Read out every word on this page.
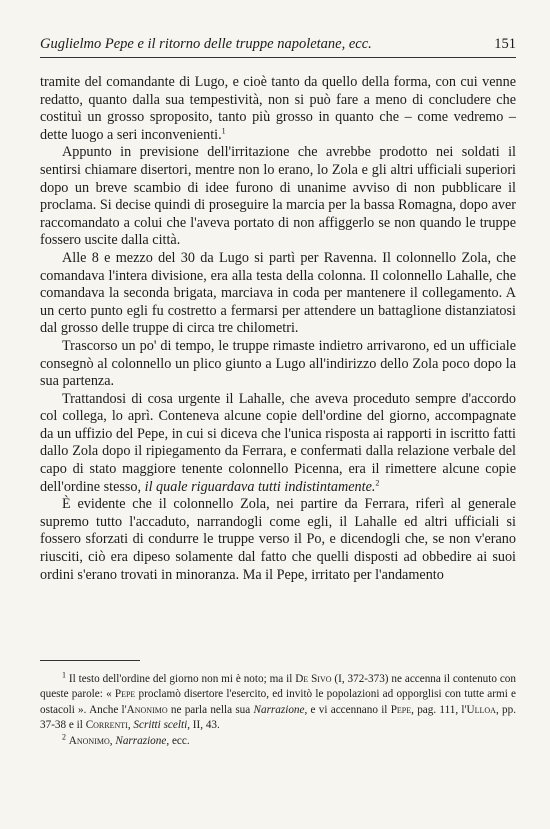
Guglielmo Pepe e il ritorno delle truppe napoletane, ecc.	151

tramite del comandante di Lugo, e cioè tanto da quello della forma, con cui venne redatto, quanto dalla sua tempestività, non si può fare a meno di concludere che costituì un grosso sproposito, tanto più grosso in quanto che – come vedremo – dette luogo a seri inconvenienti.$^1$

Appunto in previsione dell'irritazione che avrebbe prodotto nei soldati il sentirsi chiamare disertori, mentre non lo erano, lo Zola e gli altri ufficiali superiori dopo un breve scambio di idee furono di unanime avviso di non pubblicare il proclama. Si decise quindi di proseguire la marcia per la bassa Romagna, dopo aver raccomandato a colui che l'aveva portato di non affiggerlo se non quando le truppe fossero uscite dalla città.

Alle 8 e mezzo del 30 da Lugo si partì per Ravenna. Il colonnello Zola, che comandava l'intera divisione, era alla testa della colonna. Il colonnello Lahalle, che comandava la seconda brigata, marciava in coda per mantenere il collegamento. A un certo punto egli fu costretto a fermarsi per attendere un battaglione distanziatosi dal grosso delle truppe di circa tre chilometri.

Trascorso un po' di tempo, le truppe rimaste indietro arrivarono, ed un ufficiale consegnò al colonnello un plico giunto a Lugo all'indirizzo dello Zola poco dopo la sua partenza.

Trattandosi di cosa urgente il Lahalle, che aveva proceduto sempre d'accordo col collega, lo aprì. Conteneva alcune copie dell'ordine del giorno, accompagnate da un uffizio del Pepe, in cui si diceva che l'unica risposta ai rapporti in iscritto fatti dallo Zola dopo il ripiegamento da Ferrara, e confermati dalla relazione verbale del capo di stato maggiore tenente colonnello Picenna, era il rimettere alcune copie dell'ordine stesso, il quale riguardava tutti indistintamente.$^2$

È evidente che il colonnello Zola, nei partire da Ferrara, riferì al generale supremo tutto l'accaduto, narrandogli come egli, il Lahalle ed altri ufficiali si fossero sforzati di condurre le truppe verso il Po, e dicendogli che, se non v'erano riusciti, ciò era dipeso solamente dal fatto che quelli disposti ad obbedire ai suoi ordini s'erano trovati in minoranza. Ma il Pepe, irritato per l'andamento

$^1$ Il testo dell'ordine del giorno non mi è noto; ma il De Sivo (I, 372-373) ne accenna il contenuto con queste parole: « Pepe proclamò disertore l'esercito, ed invitò le popolazioni ad opporglisi con tutte armi e ostacoli ». Anche l'Anonimo ne parla nella sua Narrazione, e vi accennano il Pepe, pag. 111, l'Ulloa, pp. 37-38 e il Correnti, Scritti scelti, II, 43.

$^2$ Anonimo, Narrazione, ecc.
